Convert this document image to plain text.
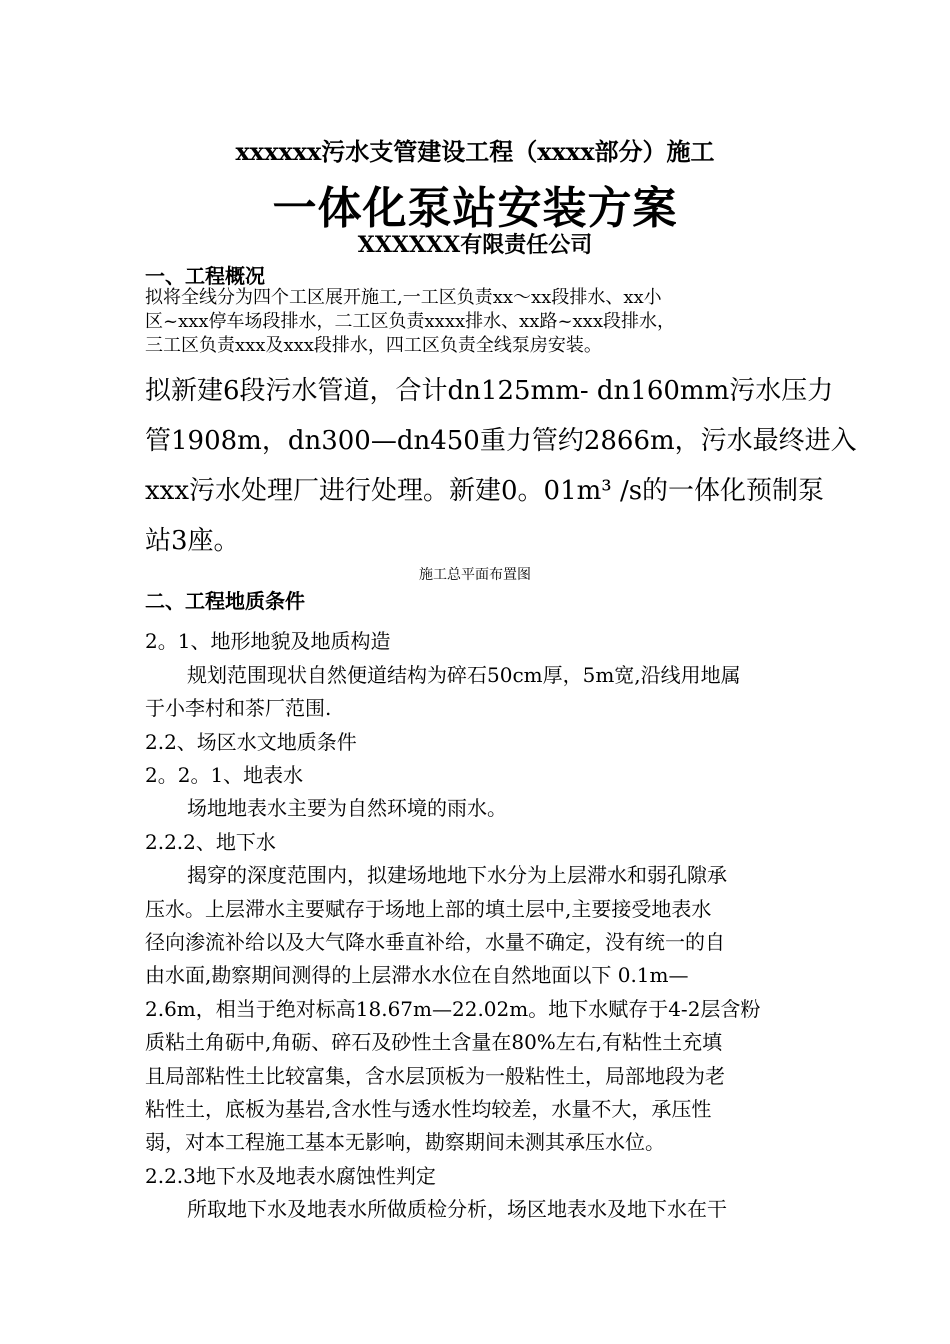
xxxxxx污水支管建设工程（xxxx部分）施工
一体化泵站安装方案
XXXXXX有限责任公司
一、工程概况
拟将全线分为四个工区展开施工,一工区负责xx～xx段排水、xx小
区~xxx停车场段排水，二工区负责xxxx排水、xx路~xxx段排水，
三工区负责xxx及xxx段排水，四工区负责全线泵房安装。
拟新建6段污水管道，合计dn125mm- dn160mm污水压力
管1908m，dn300—dn450重力管约2866m，污水最终进入
xxx污水处理厂进行处理。新建0。01m³ /s的一体化预制泵
站3座。
施工总平面布置图
二、工程地质条件
2。1、地形地貌及地质构造
规划范围现状自然便道结构为碎石50cm厚，5m宽,沿线用地属
于小李村和茶厂范围.
2.2、场区水文地质条件
2。2。1、地表水
场地地表水主要为自然环境的雨水。
2.2.2、地下水
揭穿的深度范围内，拟建场地地下水分为上层滞水和弱孔隙承
压水。上层滞水主要赋存于场地上部的填土层中,主要接受地表水
径向渗流补给以及大气降水垂直补给，水量不确定，没有统一的自
由水面,勘察期间测得的上层滞水水位在自然地面以下 0.1m—
2.6m，相当于绝对标高18.67m—22.02m。地下水赋存于4-2层含粉
质粘土角砺中,角砺、碎石及砂性土含量在80%左右,有粘性土充填
且局部粘性土比较富集，含水层顶板为一般粘性土，局部地段为老
粘性土，底板为基岩,含水性与透水性均较差，水量不大，承压性
弱，对本工程施工基本无影响，勘察期间未测其承压水位。
2.2.3地下水及地表水腐蚀性判定
所取地下水及地表水所做质检分析，场区地表水及地下水在干
